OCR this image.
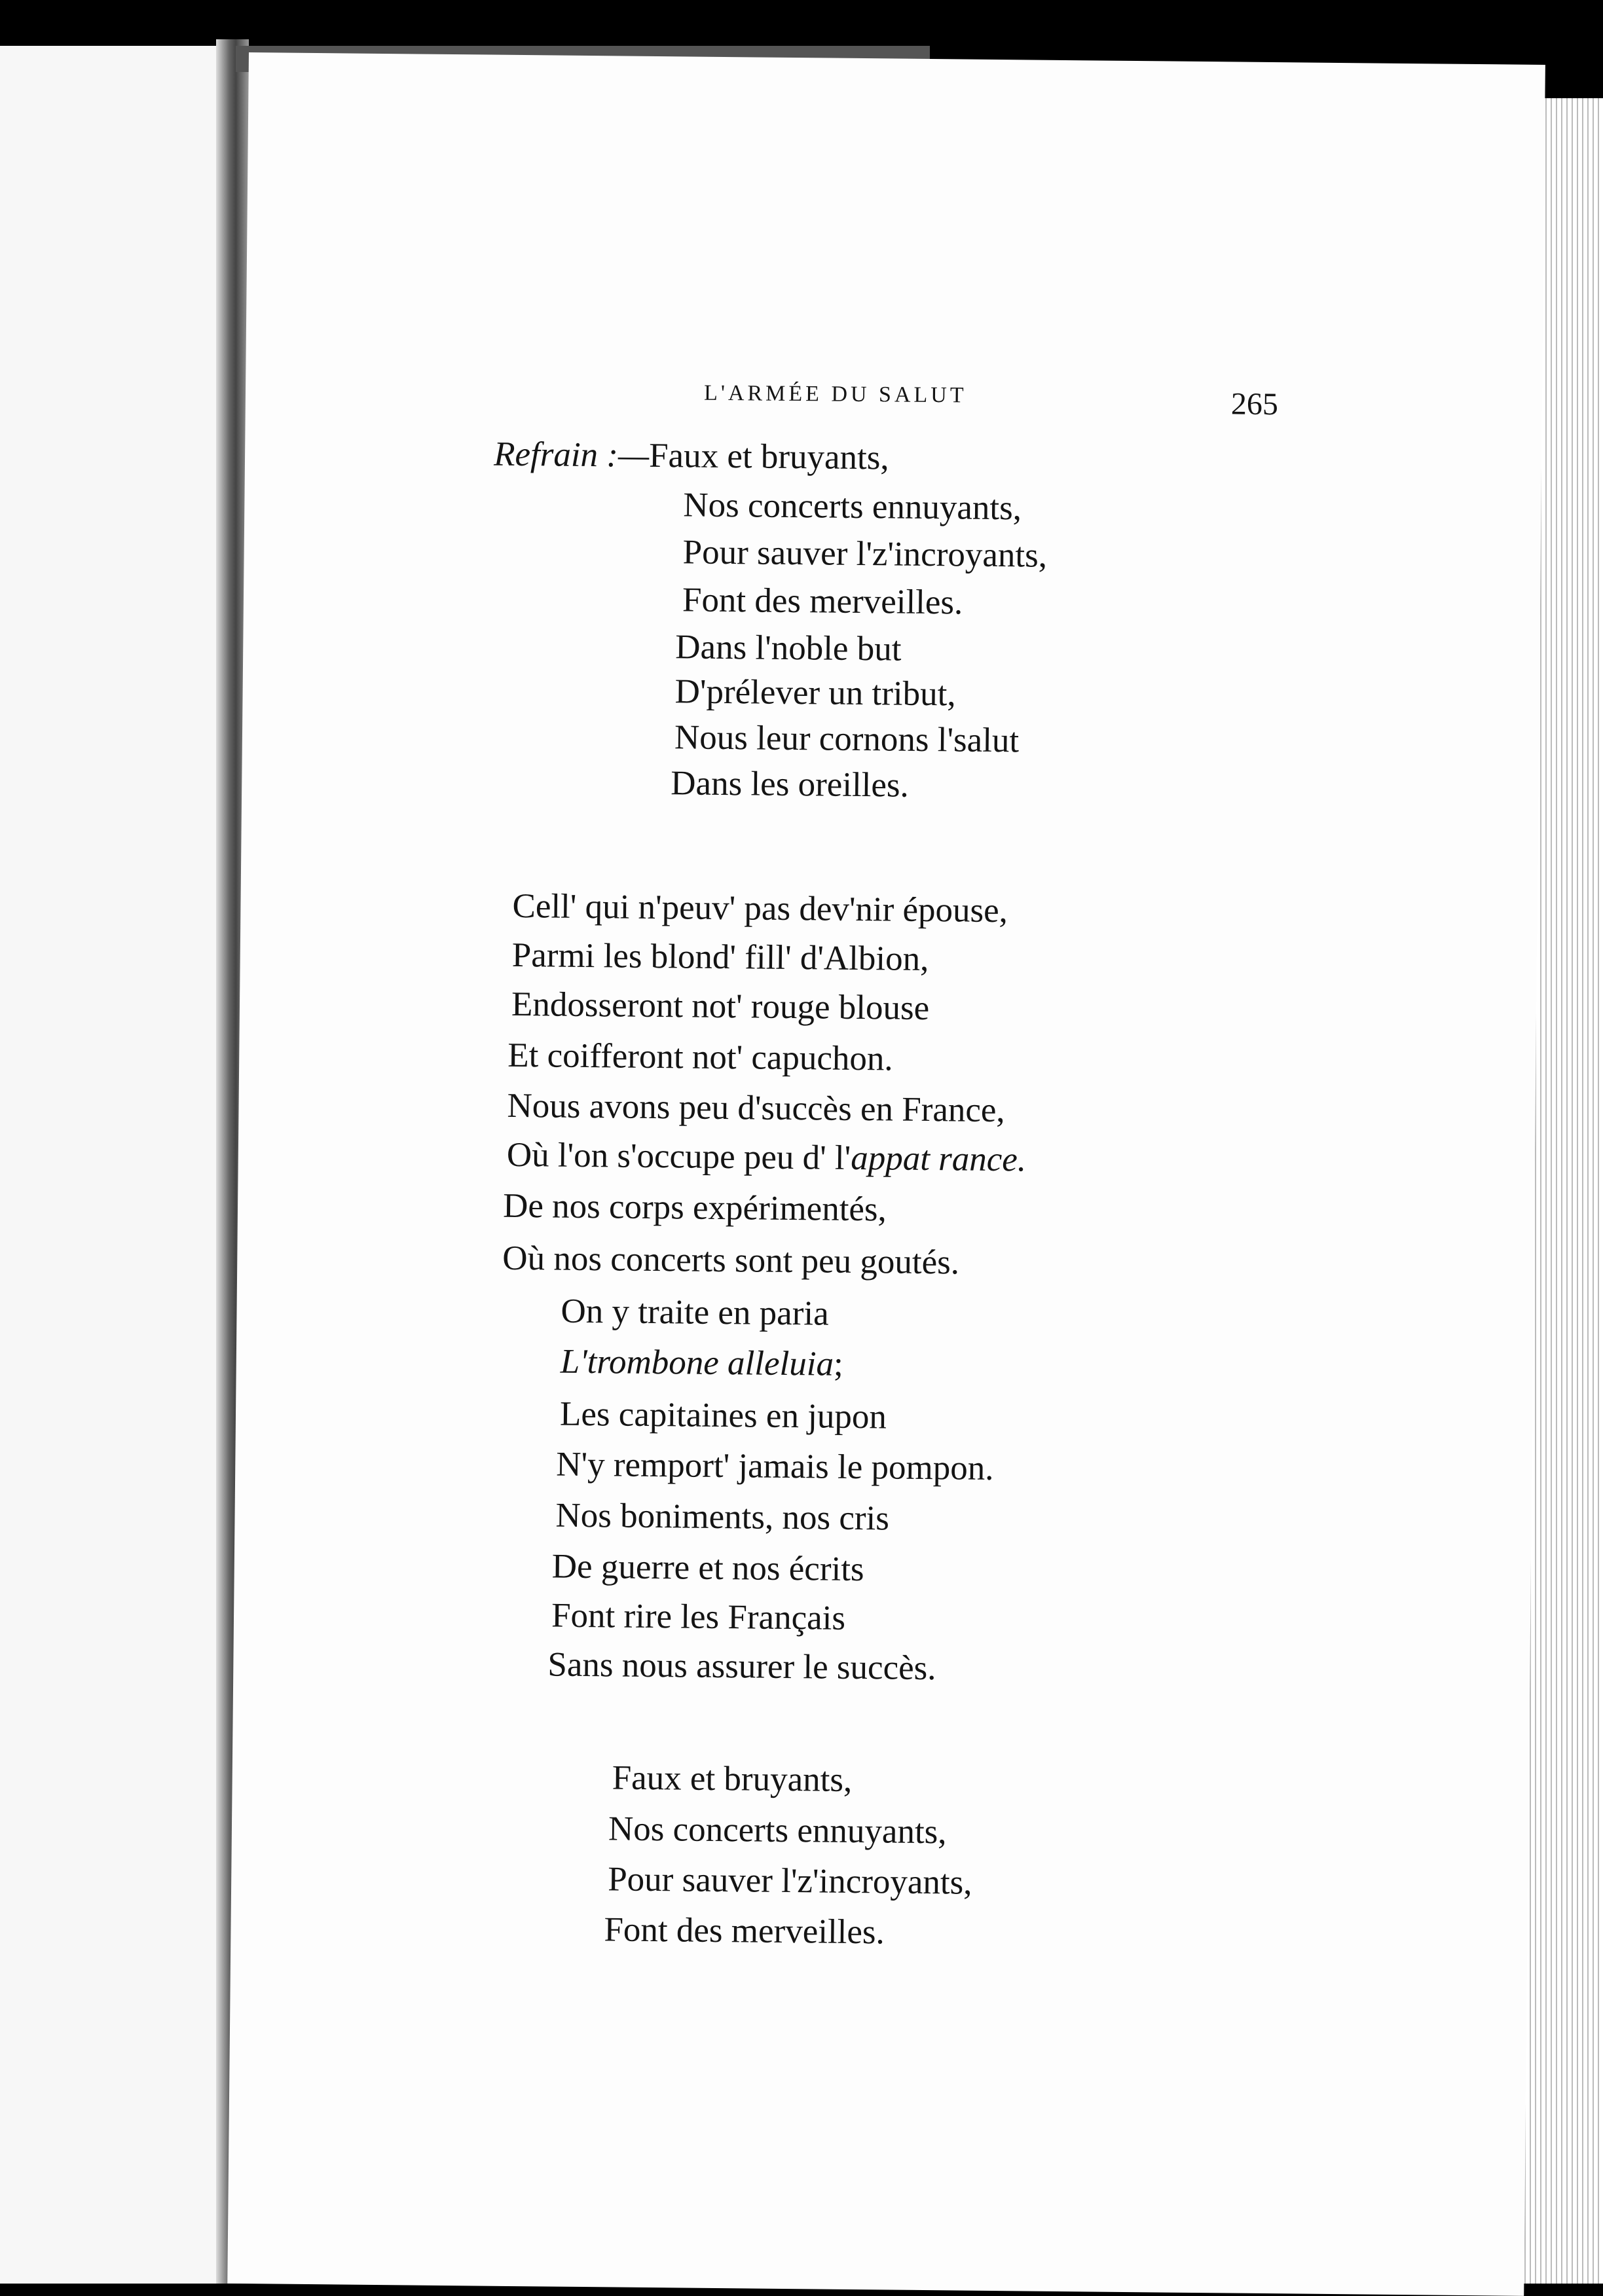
L'ARMÉE DU SALUT	265
Refrain :—Faux et bruyants,
Nos concerts ennuyants,
Pour sauver l'z'incroyants,
Font des merveilles.
Dans l'noble but
D'prélever un tribut,
Nous leur cornons l'salut
Dans les oreilles.
Cell' qui n'peuv' pas dev'nir épouse,
Parmi les blond' fill' d'Albion,
Endosseront not' rouge blouse
Et coifferont not' capuchon.
Nous avons peu d'succès en France,
Où l'on s'occupe peu d' l'appat rance.
De nos corps expérimentés,
Où nos concerts sont peu goutés.
On y traite en paria
L'trombone alleluia;
Les capitaines en jupon
N'y remport' jamais le pompon.
Nos boniments, nos cris
De guerre et nos écrits
Font rire les Français
Sans nous assurer le succès.
Faux et bruyants,
Nos concerts ennuyants,
Pour sauver l'z'incroyants,
Font des merveilles.
